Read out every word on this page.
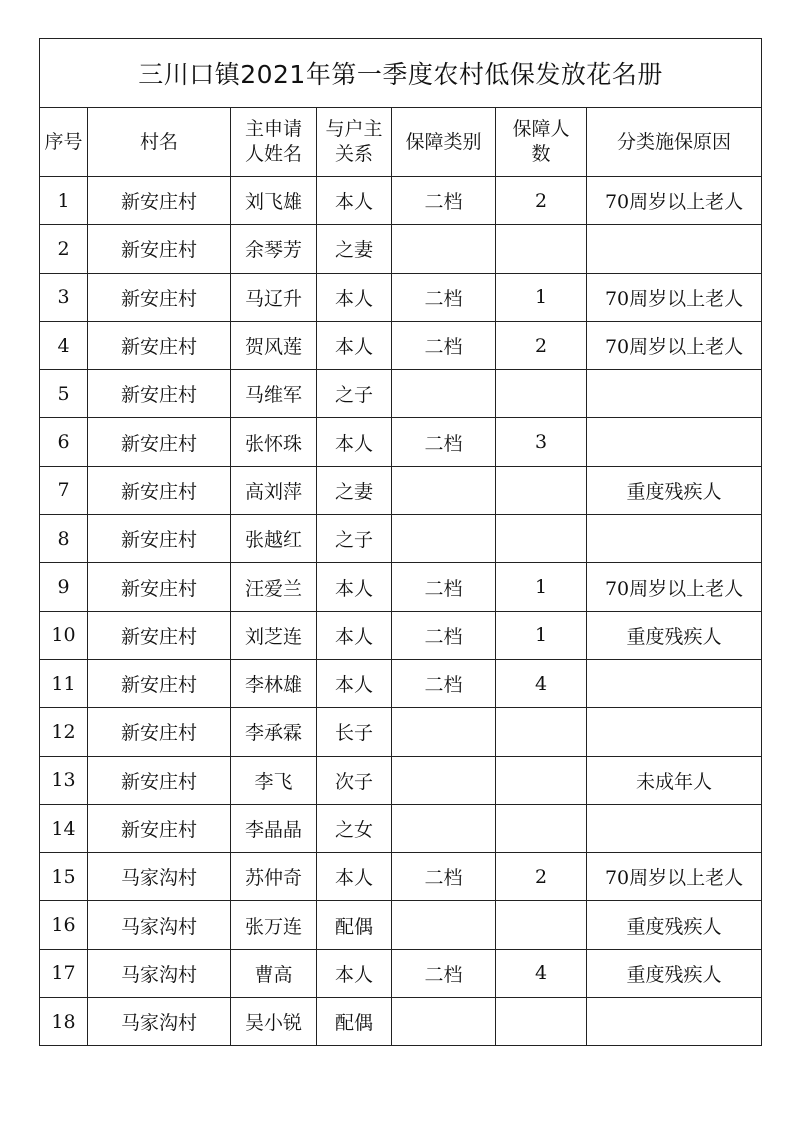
三川口镇2021年第一季度农村低保发放花名册						
序号	村名	主申请人姓名	与户主关系	保障类别	保障人数	分类施保原因
1	新安庄村	刘飞雄	本人	二档	2	70周岁以上老人
2	新安庄村	余琴芳	之妻			
3	新安庄村	马辽升	本人	二档	1	70周岁以上老人
4	新安庄村	贺风莲	本人	二档	2	70周岁以上老人
5	新安庄村	马维军	之子			
6	新安庄村	张怀珠	本人	二档	3	
7	新安庄村	高刘萍	之妻			重度残疾人
8	新安庄村	张越红	之子			
9	新安庄村	汪爱兰	本人	二档	1	70周岁以上老人
10	新安庄村	刘芝连	本人	二档	1	重度残疾人
11	新安庄村	李林雄	本人	二档	4	
12	新安庄村	李承霖	长子			
13	新安庄村	李飞	次子			未成年人
14	新安庄村	李晶晶	之女			
15	马家沟村	苏仲奇	本人	二档	2	70周岁以上老人
16	马家沟村	张万连	配偶			重度残疾人
17	马家沟村	曹高	本人	二档	4	重度残疾人
18	马家沟村	吴小锐	配偶			
